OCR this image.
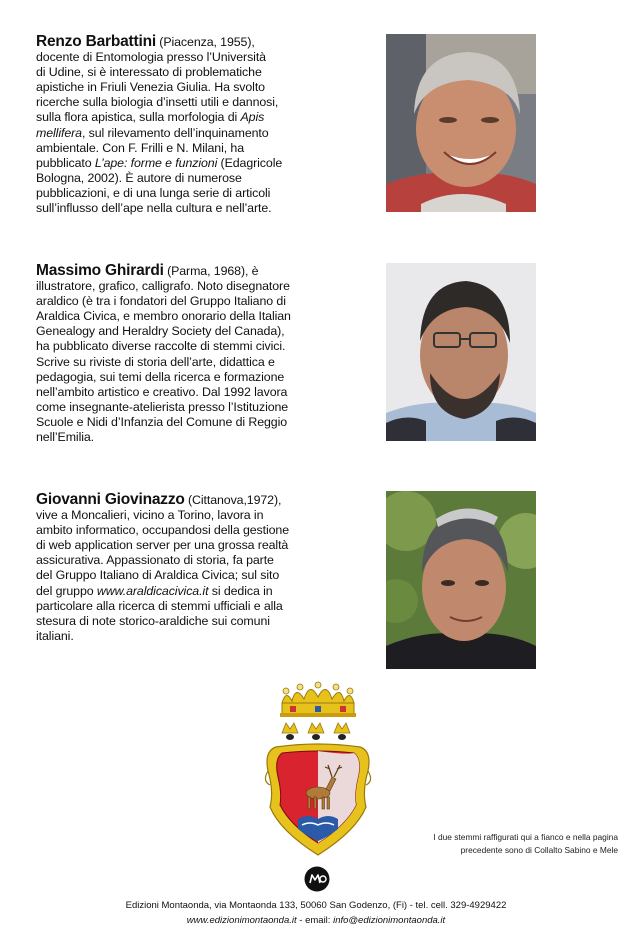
Renzo Barbattini (Piacenza, 1955),
docente di Entomologia presso l’Università
di Udine, si è interessato di problematiche
apistiche in Friuli Venezia Giulia. Ha svolto
ricerche sulla biologia d’insetti utili e dannosi,
sulla flora apistica, sulla morfologia di Apis
mellifera, sul rilevamento dell’inquinamento
ambientale. Con F. Frilli e N. Milani, ha
pubblicato L’ape: forme e funzioni (Edagricole
Bologna, 2002). È autore di numerose
pubblicazioni, e di una lunga serie di articoli
sull’influsso dell’ape nella cultura e nell’arte.
Massimo Ghirardi (Parma, 1968), è
illustratore, grafico, calligrafo. Noto disegnatore
araldico (è tra i fondatori del Gruppo Italiano di
Araldica Civica, e membro onorario della Italian
Genealogy and Heraldry Society del Canada),
ha pubblicato diverse raccolte di stemmi civici.
Scrive su riviste di storia dell’arte, didattica e
pedagogia, sui temi della ricerca e formazione
nell’ambito artistico e creativo. Dal 1992 lavora
come insegnante-atelierista presso l’Istituzione
Scuole e Nidi d’Infanzia del Comune di Reggio
nell’Emilia.
Giovanni Giovinazzo (Cittanova,1972),
vive a Moncalieri, vicino a Torino, lavora in
ambito informatico, occupandosi della gestione
di web application server per una grossa realtà
assicurativa. Appassionato di storia, fa parte
del Gruppo Italiano di Araldica Civica; sul sito
del gruppo www.araldicacivica.it si dedica in
particolare alla ricerca di stemmi ufficiali e alla
stesura di note storico-araldiche sui comuni
italiani.
I due stemmi raffigurati qui a fianco e nella pagina
precedente sono di Collalto Sabino e Mele
Edizioni Montaonda, via Montaonda 133, 50060 San Godenzo, (Fi) - tel. cell. 329-4929422
www.edizionimontaonda.it - email: info@edizionimontaonda.it
